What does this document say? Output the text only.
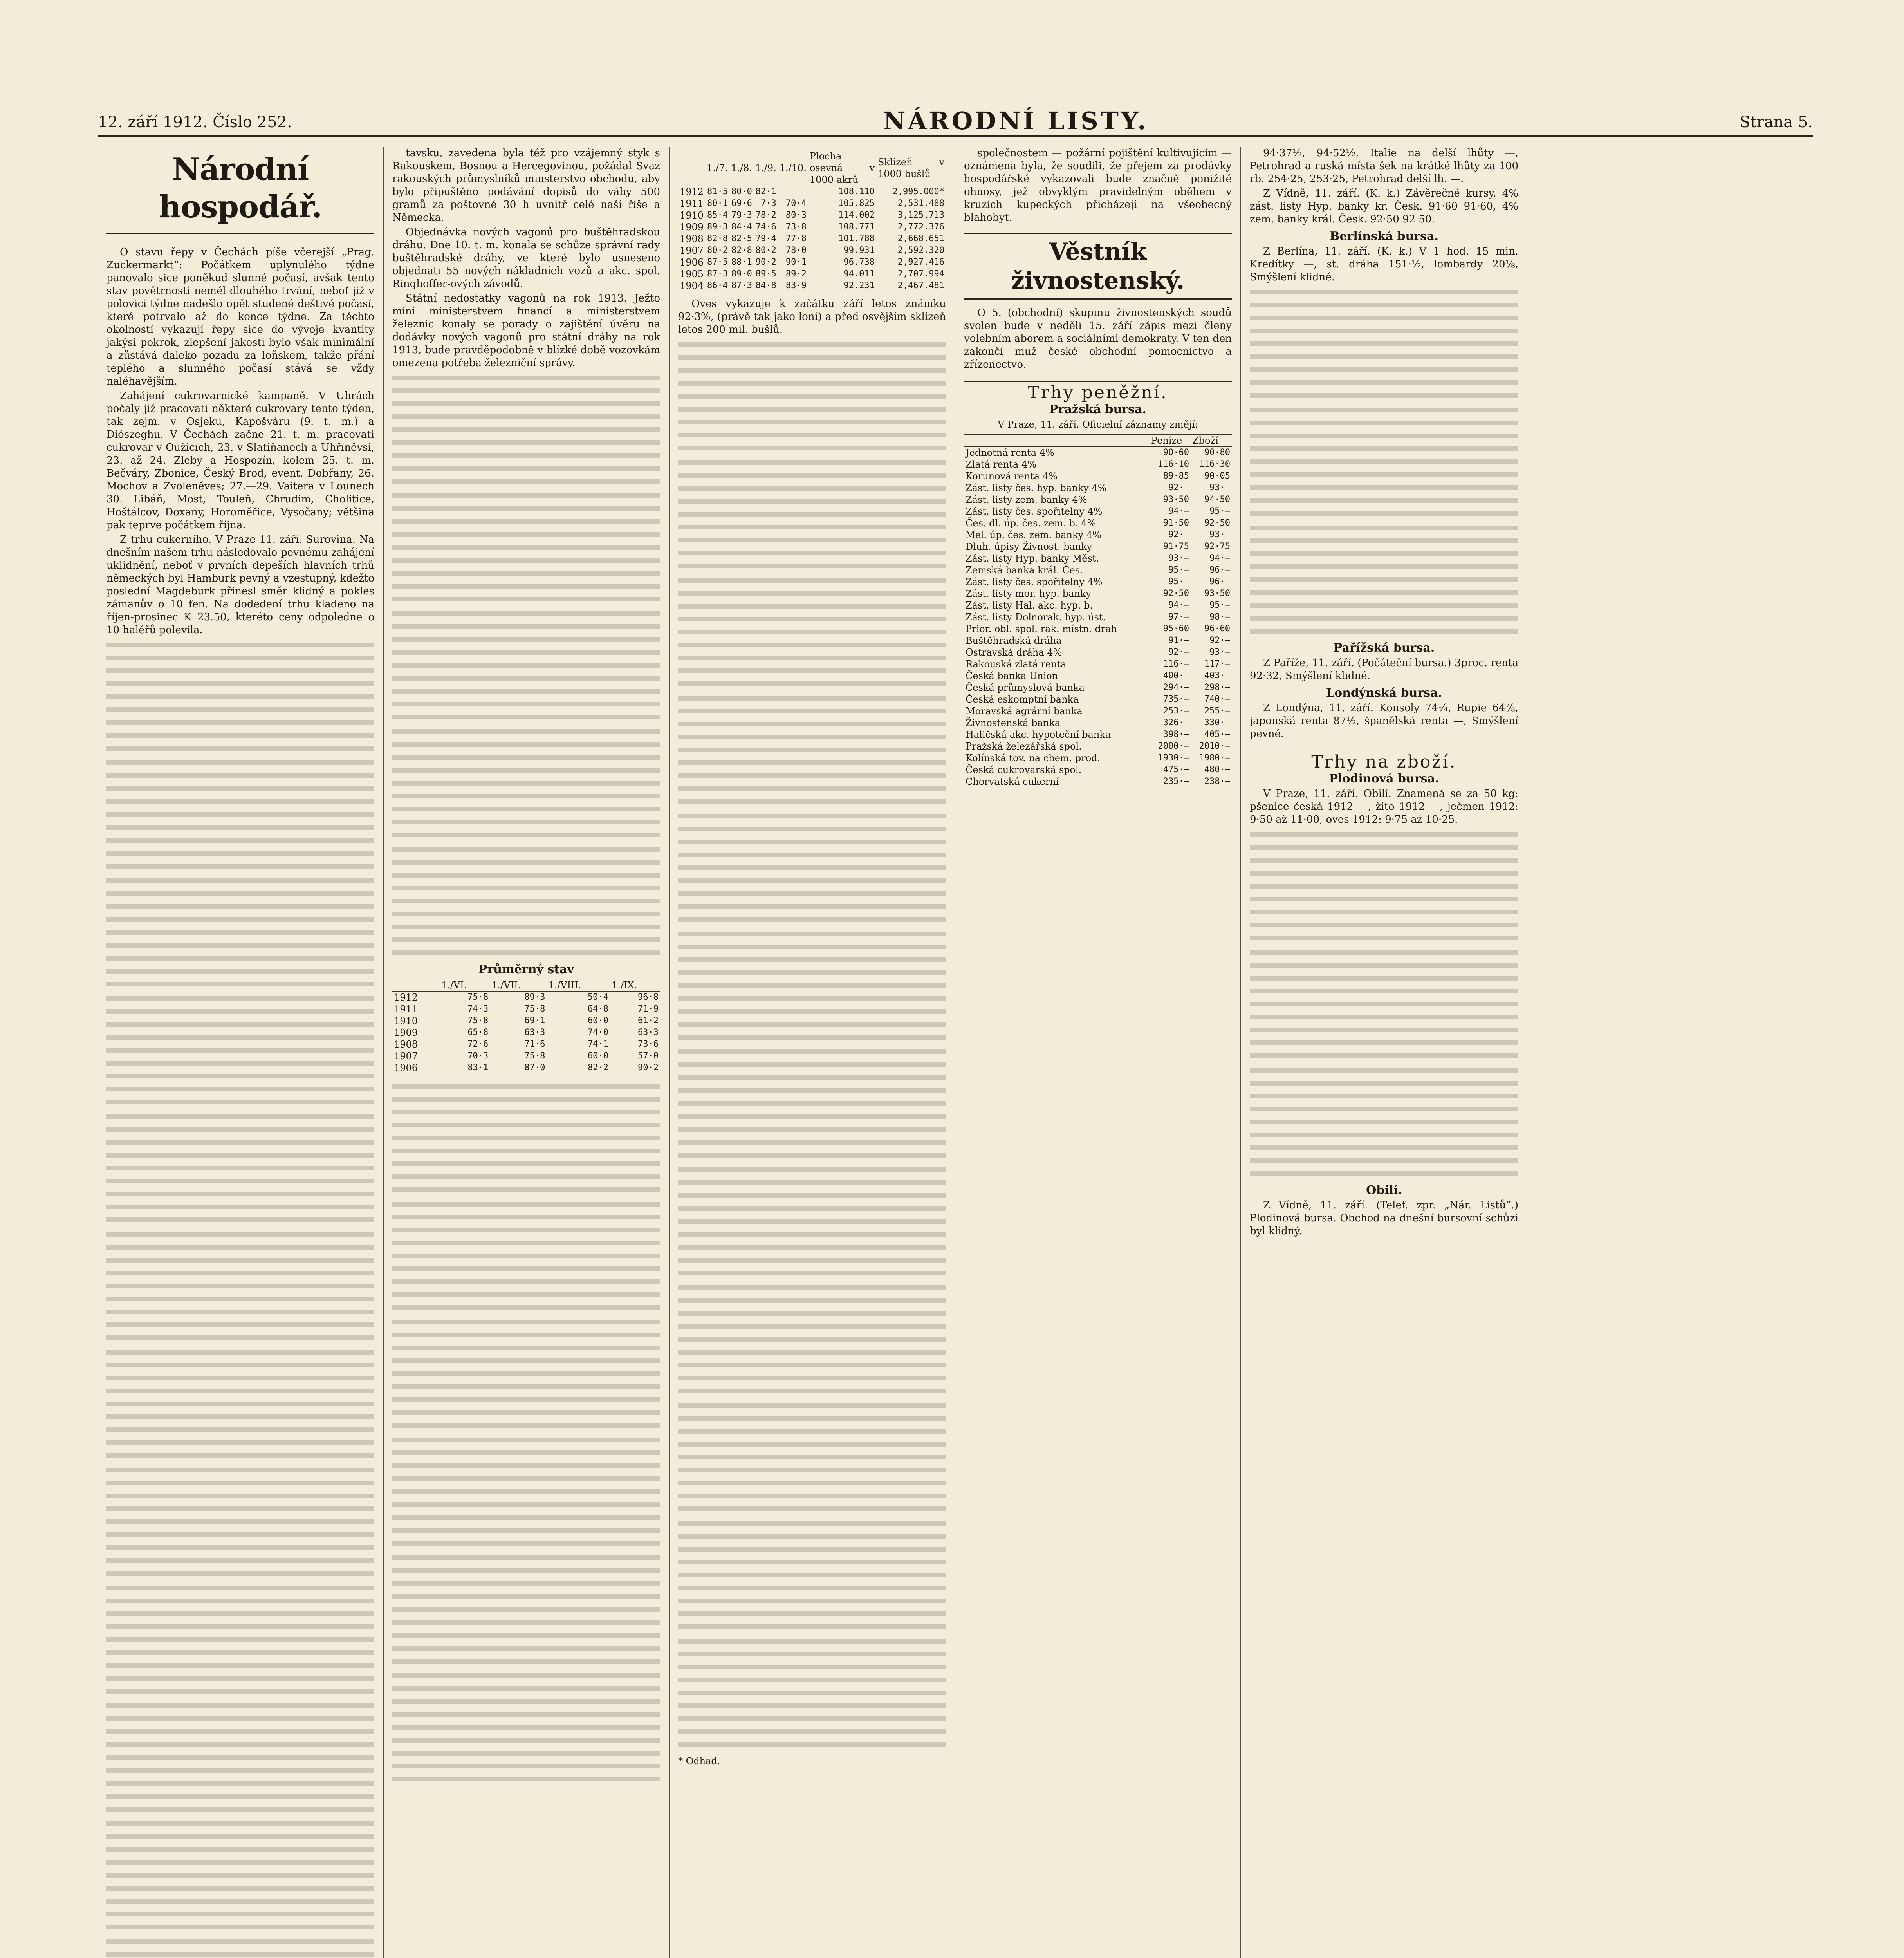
12. září 1912. Číslo 252.	NÁRODNÍ LISTY.	Strana 5.
Národní hospodář.

O stavu řepy v Čechách píše včerejší „Prag. Zuckermarkt“: Počátkem uplynulého týdne panovalo sice poněkud slunné počasí, avšak tento stav povětrnosti nemél dlouhého trvání, neboť již v polovici týdne nadešlo opět studené deštivé počasí, které potrvalo až do konce týdne. Za těchto okolností vykazují řepy sice do vývoje kvantity jakýsi pokrok, zlepšení jakosti bylo však minimální a zůstává daleko pozadu za loňskem, takže přání teplého a slunného počasí stává se vždy naléhavějším.

Zahájení cukrovarnické kampaně. V Uhrách počaly již pracovati některé cukrovary tento týden, tak zejm. v Osjeku, Kapošváru (9. t. m.) a Diószeghu. V Čechách začne 21. t. m. pracovati cukrovar v Oužicích, 23. v Slatiňanech a Uhříněvsi, 23. až 24. Zleby a Hospozín, kolem 25. t. m. Bečváry, Zbonice, Český Brod, event. Dobřany, 26. Mochov a Zvoleněves; 27.—29. Vaitera v Lounech 30. Libáň, Most, Touleň, Chrudim, Cholitice, Hoštálcov, Doxany, Horoměřice, Vysočany; většina pak teprve počátkem října.

Z trhu cukerního. V Praze 11. září. Surovina. Na dnešním našem trhu následovalo pevnému zahájení uklidnění, neboť v prvních depeších hlavních trhů německých byl Hamburk pevný a vzestupný, kdežto poslední Magdeburk přinesl směr klidný a pokles zámanův o 10 fen. Na dodedení trhu kladeno na říjen-prosinec K 23.50, kteréto ceny odpoledne o 10 haléřů polevila.

tavsku, zavedena byla též pro vzájemný styk s Rakouskem, Bosnou a Hercegovinou, požádal Svaz rakouských průmyslníků minsterstvo obchodu, aby bylo připuštěno podávání dopisů do váhy 500 gramů za poštovné 30 h uvnitř celé naší říše a Německa.

Objednávka nových vagonů pro buštěhradskou dráhu. Dne 10. t. m. konala se schůze správní rady buštěhradské dráhy, ve které bylo usneseno objednati 55 nových nákladních vozů a akc. spol. Ringhoffer-ových závodů.

Státní nedostatky vagonů na rok 1913. Ježto mini ministerstvem financí a ministerstvem železnic konaly se porady o zajištění úvěru na dodávky nových vagonů pro státní dráhy na rok 1913, bude pravděpodobně v blízké době vozovkám omezena potřeba železniční správy.

Průměrný stav
	1./VI.	1./VII.	1./VIII.	1./IX.
1912	75·8	89·3	50·4	96·8
1911	74·3	75·8	64·8	71·9
1910	75·8	69·1	60·0	61·2
1909	65·8	63·3	74·0	63·3
1908	72·6	71·6	74·1	73·6
1907	70·3	75·8	60·0	57·0
1906	83·1	87·0	82·2	90·2

	1./7.	1./8.	1./9.	1./10.	Plocha osevná v 1000 akrů	Sklizeň v 1000 bušlů
1912	81·5	80·0	82·1		108.110	2,995.000*
1911	80·1	69·6	7·3	70·4	105.825	2,531.488
1910	85·4	79·3	78·2	80·3	114.002	3,125.713
1909	89·3	84·4	74·6	73·8	108.771	2,772.376
1908	82·8	82·5	79·4	77·8	101.788	2,668.651
1907	80·2	82·8	80·2	78·0	99.931	2,592.320
1906	87·5	88·1	90·2	90·1	96.738	2,927.416
1905	87·3	89·0	89·5	89·2	94.011	2,707.994
1904	86·4	87·3	84·8	83·9	92.231	2,467.481

Oves vykazuje k začátku září letos známku 92·3%, (právě tak jako loni) a před osvějším sklizeň letos 200 mil. bušlů.

* Odhad.

společnostem — požární pojištění kultivujícím — oznámena byla, že soudili, že přejem za prodávky hospodářské vykazovali bude značně ponižité ohnosy, jež obvyklým pravidelným oběhem v kruzích kupeckých přicházejí na všeobecný blahobyt.

Věstník živnostenský.

O 5. (obchodní) skupinu živnostenských soudů svolen bude v neděli 15. září zápis mezi členy volebním aborem a sociálními demokraty. V ten den zakončí muž české obchodní pomocníctvo a zřízenectvo.

Trhy peněžní.
Pražská bursa.
V Praze, 11. září. Oficielní záznamy změjí:
	Peníze	Zboží
Jednotná renta 4%	90·60	90·80
Zlatá renta 4%	116·10	116·30
Korunová renta 4%	89·85	90·05
Zást. listy čes. hyp. banky 4%	92·—	93·—
Zást. listy zem. banky 4%	93·50	94·50
Zást. listy čes. spořitelny 4%	94·—	95·—
Čes. dl. úp. čes. zem. b. 4%	91·50	92·50
Mel. úp. čes. zem. banky 4%	92·—	93·—
Dluh. úpisy Živnost. banky	91·75	92·75
Zást. listy Hyp. banky Měst.	93·—	94·—
Zemská banka král. Čes.	95·—	96·—
Zást. listy čes. spořitelny 4%	95·—	96·—
Zást. listy mor. hyp. banky	92·50	93·50
Zást. listy Hal. akc. hyp. b.	94·—	95·—
Zást. listy Dolnorak. hyp. úst.	97·—	98·—
Prior. obl. spol. rak. místn. drah	95·60	96·60
Buštěhradská dráha	91·—	92·—
Ostravská dráha 4%	92·—	93·—
Rakouská zlatá renta	116·—	117·—
Česká banka Union	400·—	403·—
Česká průmyslová banka	294·—	298·—
Česká eskomptní banka	735·—	740·—
Moravská agrární banka	253·—	255·—
Živnostenská banka	326·—	330·—
Haličská akc. hypoteční banka	398·—	405·—
Pražská železářská spol.	2000·—	2010·—
Kolínská tov. na chem. prod.	1930·—	1980·—
Česká cukrovarská spol.	475·—	480·—
Chorvatská cukerní	235·—	238·—

94·37½, 94·52½, Italie na delší lhůty —, Petrohrad a ruská místa šek na krátké lhůty za 100 rb. 254·25, 253·25, Petrohrad delší lh. —.

Z Vídně, 11. září. (K. k.) Závěrečné kursy. 4% zást. listy Hyp. banky kr. Česk. 91·60 91·60, 4% zem. banky král. Česk. 92·50 92·50.

Berlínská bursa.

Z Berlína, 11. září. (K. k.) V 1 hod. 15 min. Kredítky —, st. dráha 151·½, lombardy 20⅛, Smýšlení klidné.

Pařížská bursa.

Z Paříže, 11. září. (Počáteční bursa.) 3proc. renta 92·32, Smýšlení klidné.

Londýnská bursa.

Z Londýna, 11. září. Konsoly 74¼, Rupie 64⅞, japonská renta 87½, španělská renta —, Smýšlení pevné.

Trhy na zboží.
Plodinová bursa.

V Praze, 11. září. Obilí. Znamená se za 50 kg: pšenice česká 1912 —, žito 1912 —, ječmen 1912: 9·50 až 11·00, oves 1912: 9·75 až 10·25.

Obilí.

Z Vídně, 11. září. (Telef. zpr. „Nár. Listů“.) Plodinová bursa. Obchod na dnešní bursovní schůzi byl klidný.
